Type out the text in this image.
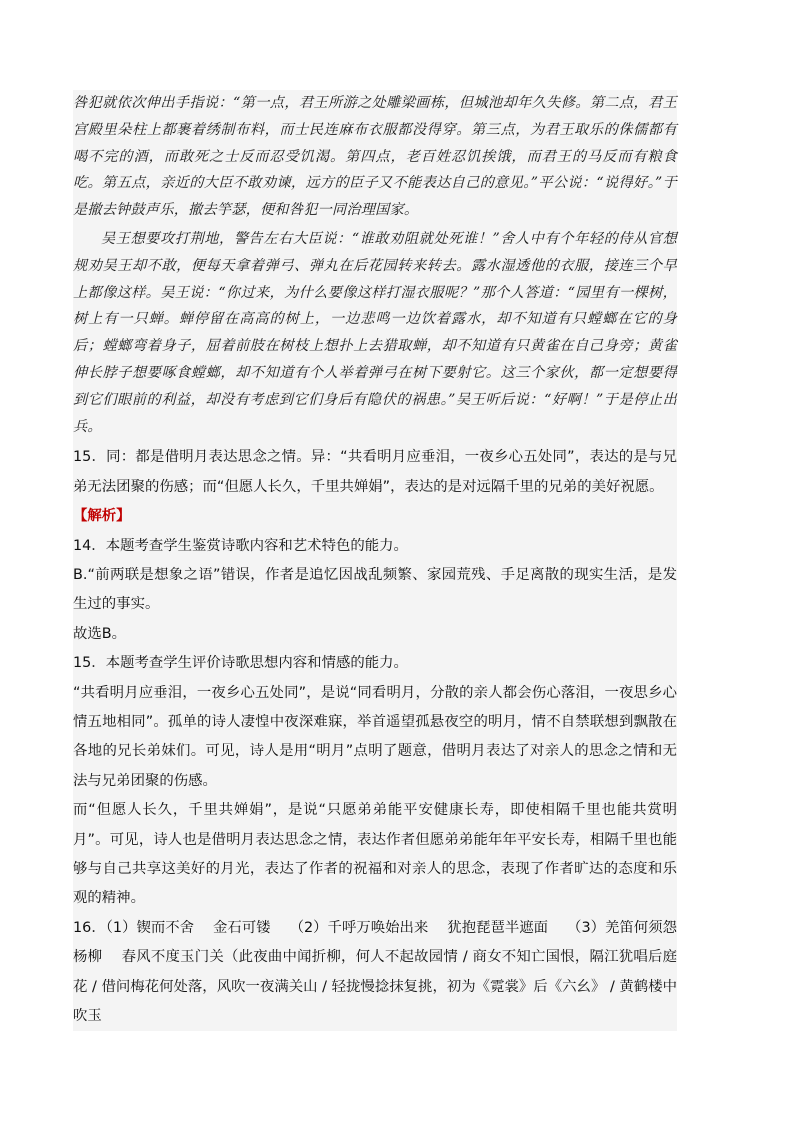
咎犯就依次伸出手指说：“第一点，君王所游之处雕梁画栋，但城池却年久失修。第二点，君王宫殿里朵柱上都裹着绣制布料，而士民连麻布衣服都没得穿。第三点，为君王取乐的侏儒都有喝不完的酒，而敢死之士反而忍受饥渴。第四点，老百姓忍饥挨饿，而君王的马反而有粮食吃。第五点，亲近的大臣不敢劝谏，远方的臣子又不能表达自己的意见。”平公说：“说得好。”于是撤去钟鼓声乐，撤去竽瑟，便和咎犯一同治理国家。

吴王想要攻打荆地，警告左右大臣说：“谁敢劝阻就处死谁！”舍人中有个年轻的侍从官想规劝吴王却不敢，便每天拿着弹弓、弹丸在后花园转来转去。露水湿透他的衣服，接连三个早上都像这样。吴王说：“你过来，为什么要像这样打湿衣服呢？”那个人答道：“园里有一棵树，树上有一只蝉。蝉停留在高高的树上，一边悲鸣一边饮着露水，却不知道有只螳螂在它的身后；螳螂弯着身子，屈着前肢在树枝上想扑上去猎取蝉，却不知道有只黄雀在自己身旁；黄雀伸长脖子想要啄食螳螂，却不知道有个人举着弹弓在树下要射它。这三个家伙，都一定想要得到它们眼前的利益，却没有考虑到它们身后有隐伏的祸患。”吴王听后说：“好啊！”于是停止出兵。

15．同：都是借明月表达思念之情。异：“共看明月应垂泪，一夜乡心五处同”，表达的是与兄弟无法团聚的伤感；而“但愿人长久，千里共婵娟”，表达的是对远隔千里的兄弟的美好祝愿。

【解析】

14．本题考查学生鉴赏诗歌内容和艺术特色的能力。

B.“前两联是想象之语”错误，作者是追忆因战乱频繁、家园荒残、手足离散的现实生活，是发生过的事实。

故选B。

15．本题考查学生评价诗歌思想内容和情感的能力。

“共看明月应垂泪，一夜乡心五处同”，是说“同看明月，分散的亲人都会伤心落泪，一夜思乡心情五地相同”。孤单的诗人凄惶中夜深难寐，举首遥望孤悬夜空的明月，情不自禁联想到飘散在各地的兄长弟妹们。可见，诗人是用“明月”点明了题意，借明月表达了对亲人的思念之情和无法与兄弟团聚的伤感。

而“但愿人长久，千里共婵娟”，是说“只愿弟弟能平安健康长寿，即使相隔千里也能共赏明月”。可见，诗人也是借明月表达思念之情，表达作者但愿弟弟能年年平安长寿，相隔千里也能够与自己共享这美好的月光，表达了作者的祝福和对亲人的思念，表现了作者旷达的态度和乐观的精神。

16．（1）锲而不舍　 金石可镂　 （2）千呼万唤始出来　 犹抱琵琶半遮面　 （3）羌笛何须怨杨柳　 春风不度玉门关（此夜曲中闻折柳，何人不起故园情 / 商女不知亡国恨，隔江犹唱后庭花 / 借问梅花何处落，风吹一夜满关山 / 轻拢慢捻抹复挑，初为《霓裳》后《六幺》 / 黄鹤楼中吹玉
